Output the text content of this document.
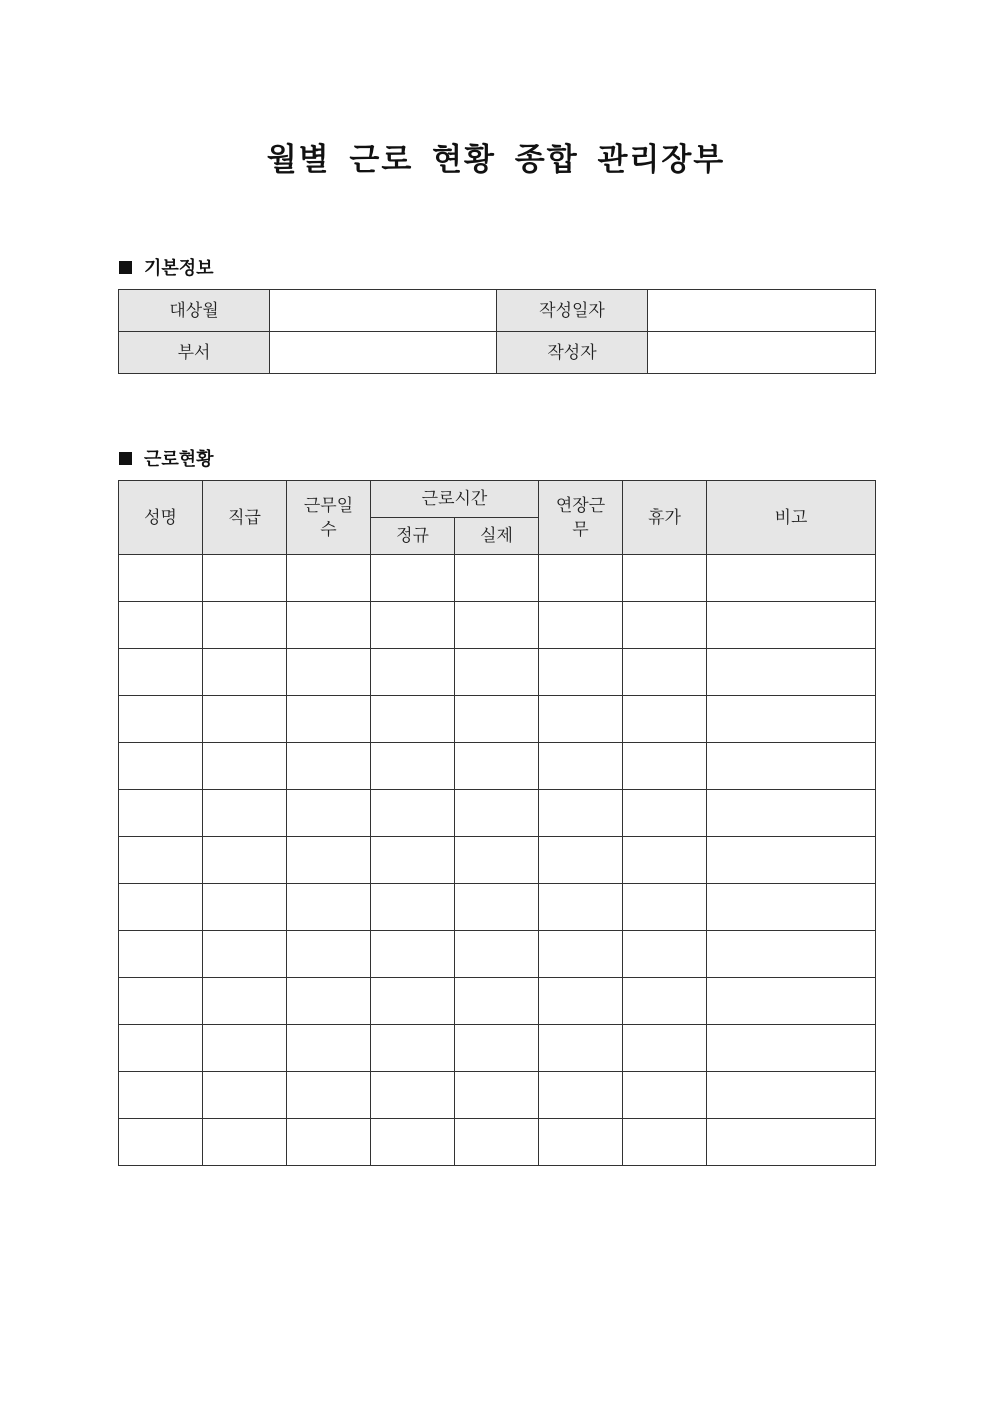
월별 근로 현황 종합 관리장부
기본정보
대상월		작성일자	
부서		작성자	
근로현황
성명	직급	근무일수	근로시간		연장근무	휴가	비고
			정규	실제			
